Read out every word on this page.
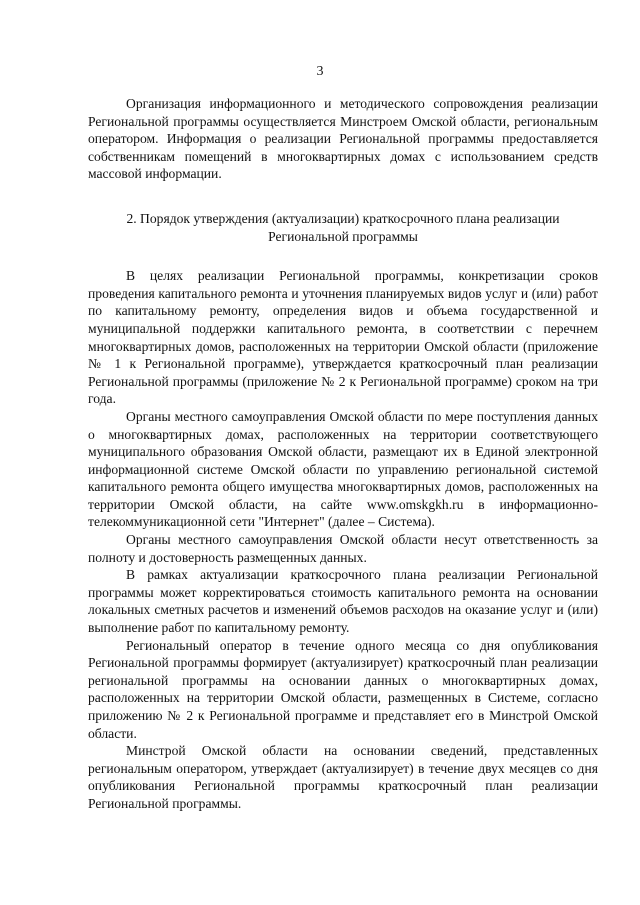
3

Организация информационного и методического сопровождения реализации Региональной программы осуществляется Минстроем Омской области, региональным оператором. Информация о реализации Региональной программы предоставляется собственникам помещений в многоквартирных домах с использованием средств массовой информации.

2. Порядок утверждения (актуализации) краткосрочного плана реализации Региональной программы

В целях реализации Региональной программы, конкретизации сроков проведения капитального ремонта и уточнения планируемых видов услуг и (или) работ по капитальному ремонту, определения видов и объема государственной и муниципальной поддержки капитального ремонта, в соответствии с перечнем многоквартирных домов, расположенных на территории Омской области (приложение № 1 к Региональной программе), утверждается краткосрочный план реализации Региональной программы (приложение № 2 к Региональной программе) сроком на три года.

Органы местного самоуправления Омской области по мере поступления данных о многоквартирных домах, расположенных на территории соответствующего муниципального образования Омской области, размещают их в Единой электронной информационной системе Омской области по управлению региональной системой капитального ремонта общего имущества многоквартирных домов, расположенных на территории Омской области, на сайте www.omskgkh.ru в информационно-телекоммуникационной сети "Интернет" (далее – Система).

Органы местного самоуправления Омской области несут ответственность за полноту и достоверность размещенных данных.

В рамках актуализации краткосрочного плана реализации Региональной программы может корректироваться стоимость капитального ремонта на основании локальных сметных расчетов и изменений объемов расходов на оказание услуг и (или) выполнение работ по капитальному ремонту.

Региональный оператор в течение одного месяца со дня опубликования Региональной программы формирует (актуализирует) краткосрочный план реализации региональной программы на основании данных о многоквартирных домах, расположенных на территории Омской области, размещенных в Системе, согласно приложению № 2 к Региональной программе и представляет его в Минстрой Омской области.

Минстрой Омской области на основании сведений, представленных региональным оператором, утверждает (актуализирует) в течение двух месяцев со дня опубликования Региональной программы краткосрочный план реализации Региональной программы.
